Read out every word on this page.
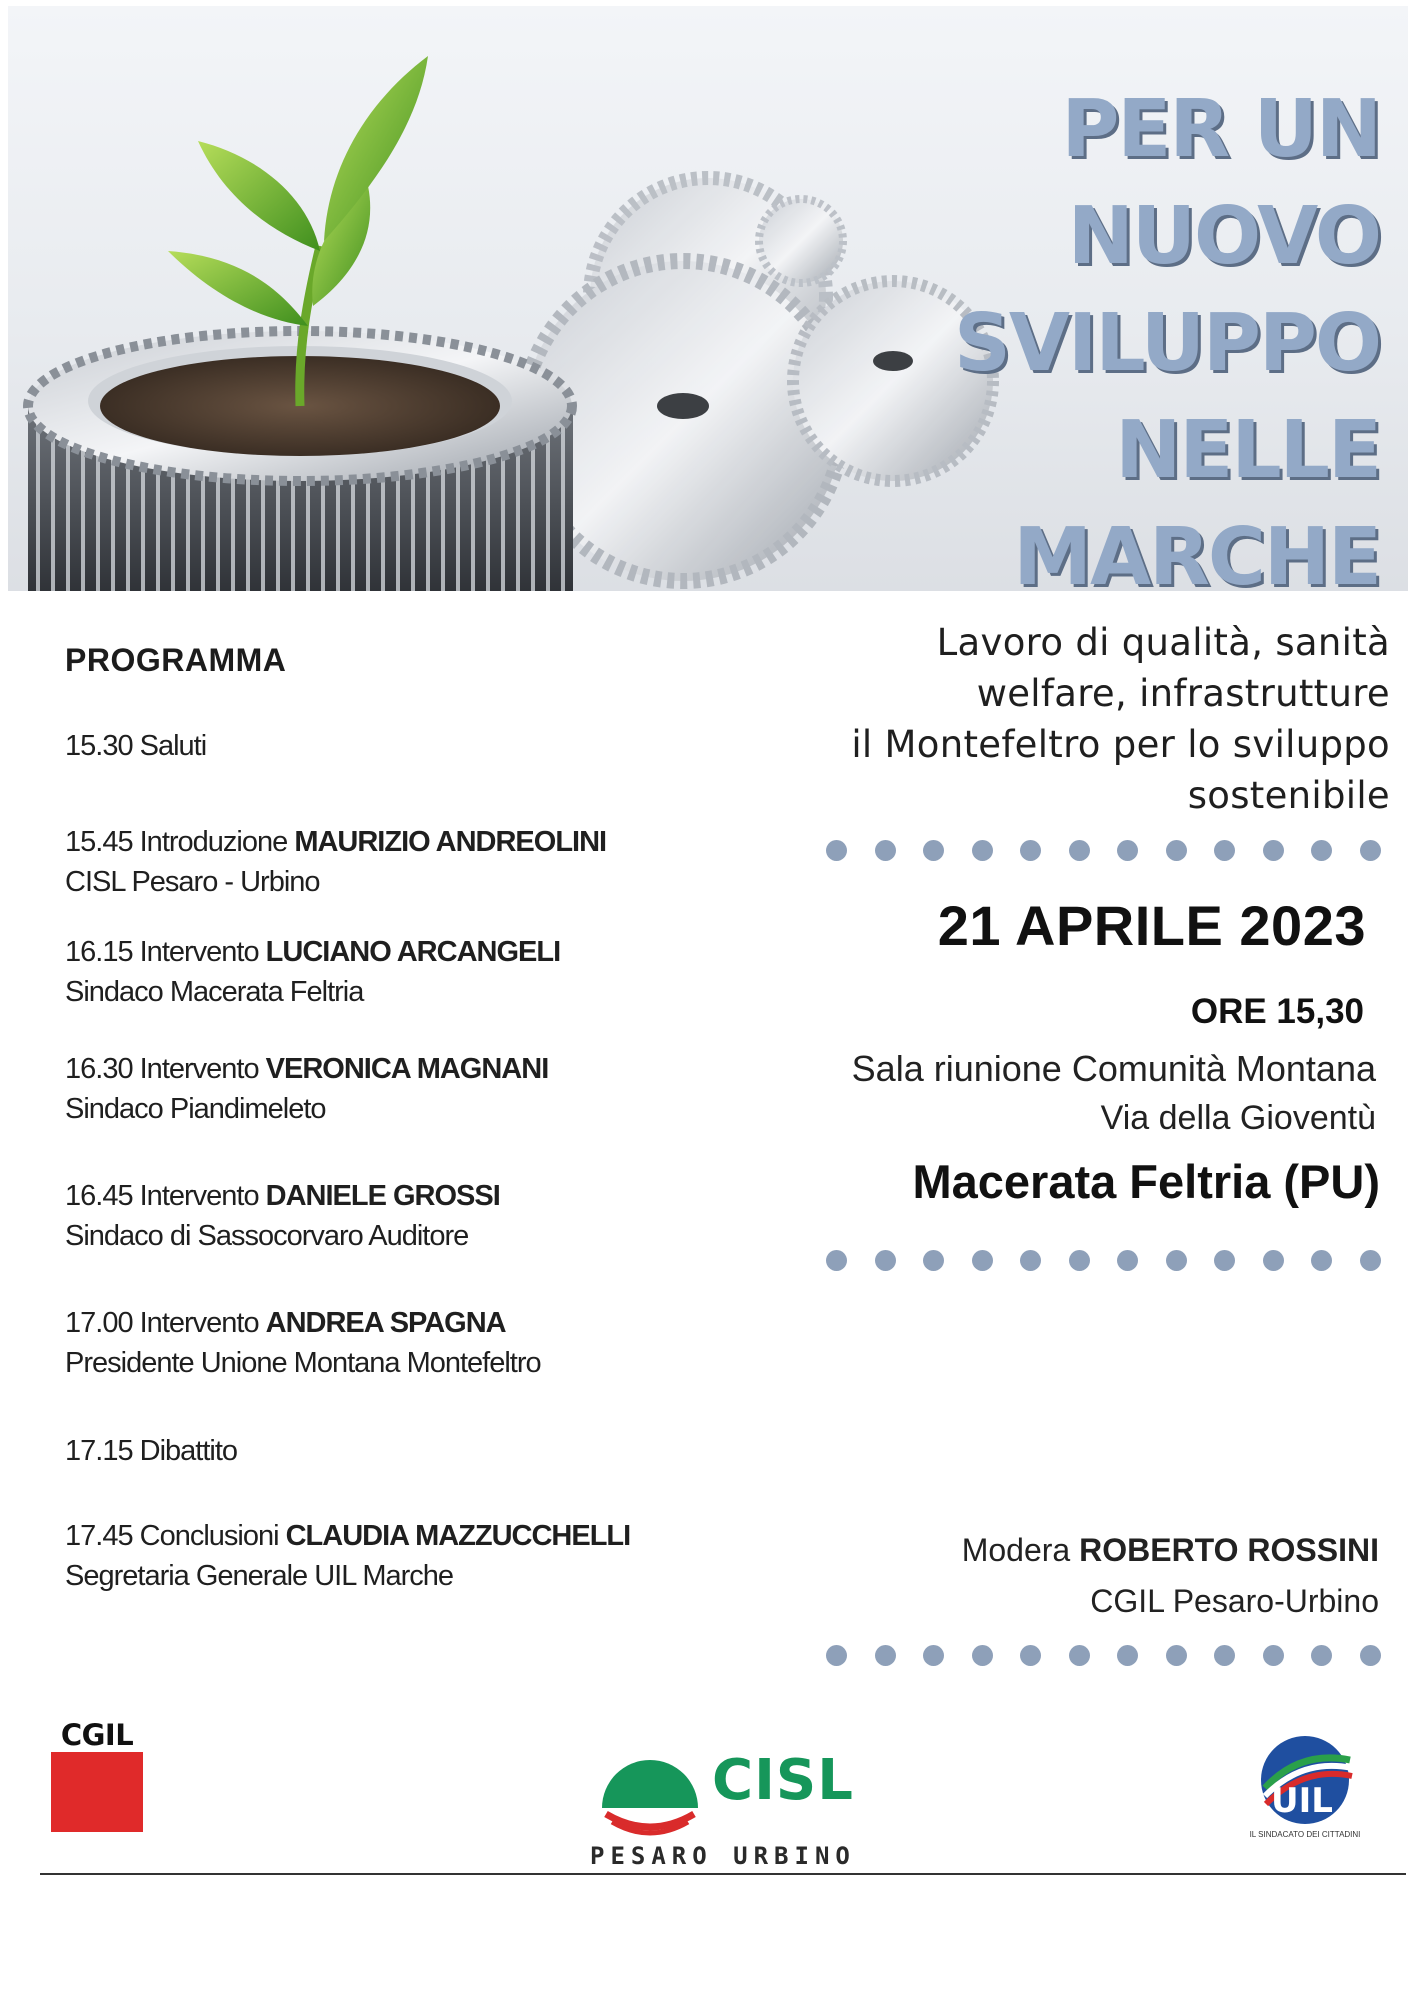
PER UN
NUOVO
SVILUPPO
NELLE
MARCHE
PROGRAMMA
15.30 Saluti
15.45 Introduzione MAURIZIO ANDREOLINI
CISL Pesaro - Urbino
16.15 Intervento LUCIANO ARCANGELI
Sindaco Macerata Feltria
16.30 Intervento VERONICA MAGNANI
Sindaco Piandimeleto
16.45 Intervento DANIELE GROSSI
Sindaco di Sassocorvaro Auditore
17.00 Intervento ANDREA SPAGNA
Presidente Unione Montana Montefeltro
17.15 Dibattito
17.45 Conclusioni CLAUDIA MAZZUCCHELLI
Segretaria Generale UIL Marche
Lavoro di qualità, sanità
welfare, infrastrutture
il Montefeltro per lo sviluppo
sostenibile
21 APRILE 2023
ORE 15,30
Sala riunione Comunità Montana
Via della Gioventù
Macerata Feltria (PU)
Modera ROBERTO ROSSINI
CGIL Pesaro-Urbino
CGIL
CISL
PESARO URBINO
UIL
IL SINDACATO DEI CITTADINI
